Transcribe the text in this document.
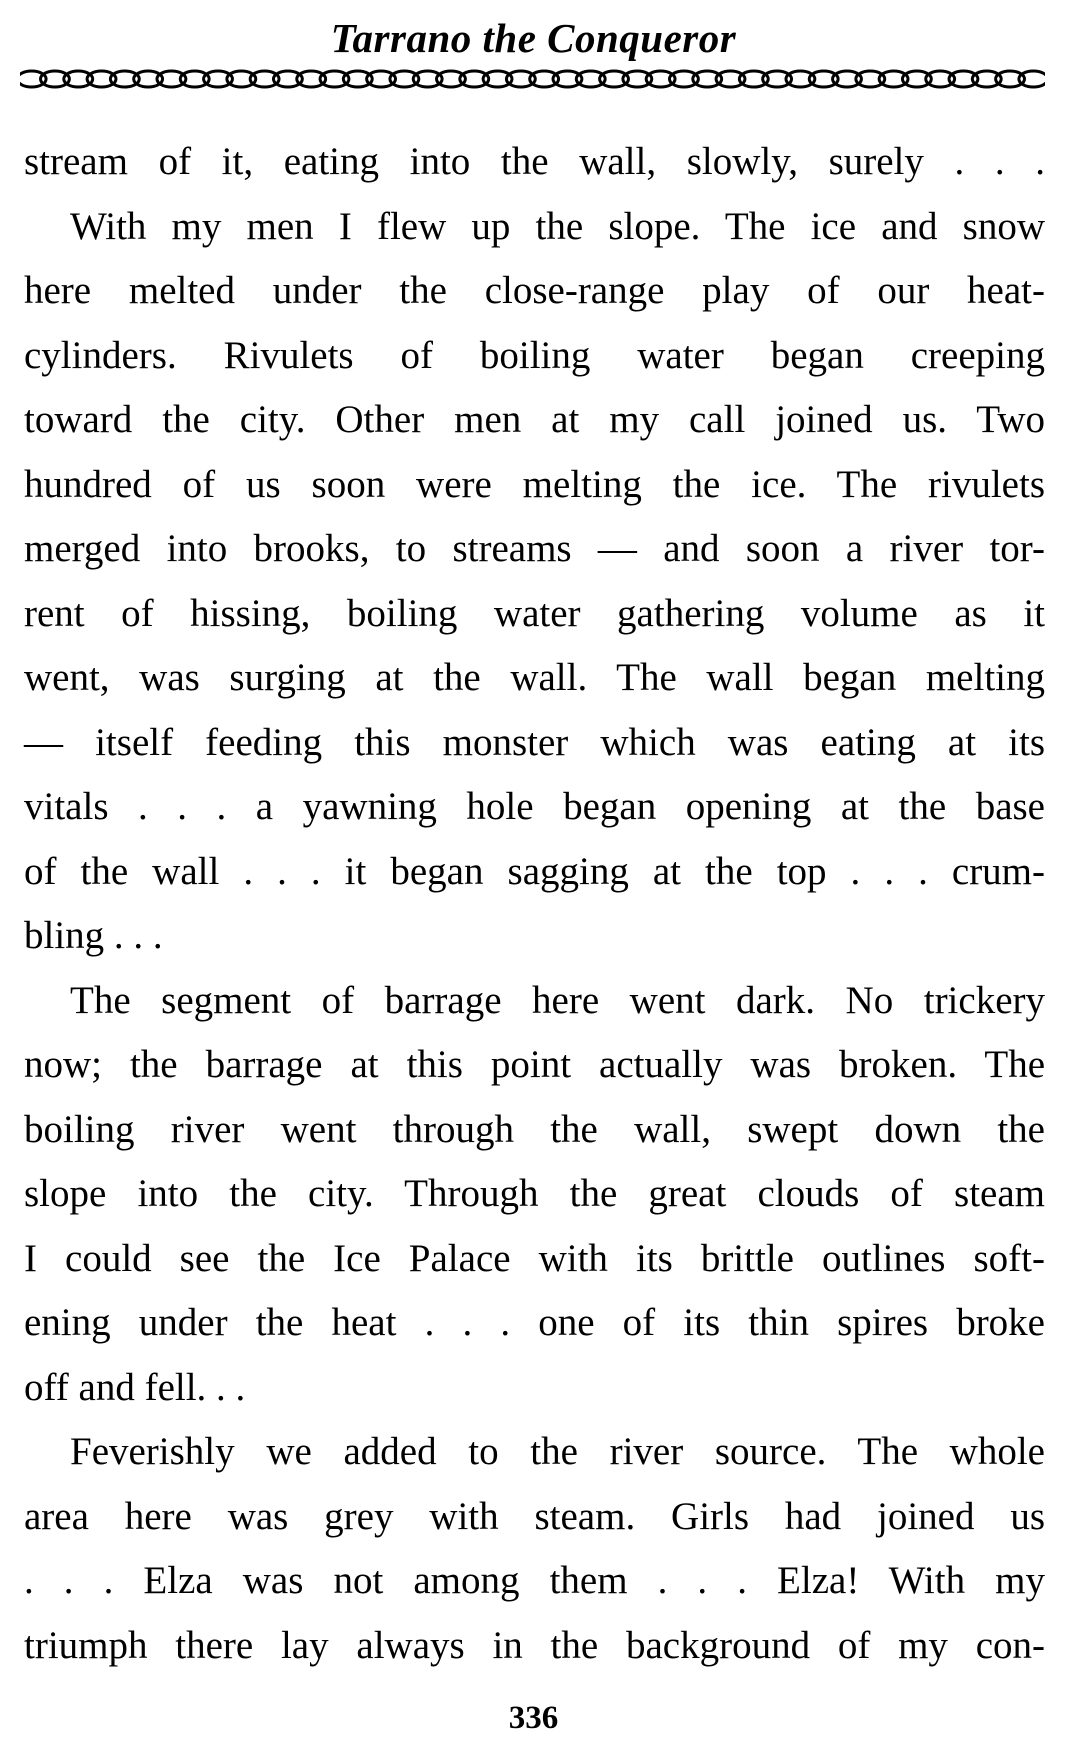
Tarrano the Conqueror
stream of it, eating into the wall, slowly, surely . . .
With my men I flew up the slope. The ice and snow
here melted under the close-range play of our heat-
cylinders. Rivulets of boiling water began creeping
toward the city. Other men at my call joined us. Two
hundred of us soon were melting the ice. The rivulets
merged into brooks, to streams — and soon a river tor-
rent of hissing, boiling water gathering volume as it
went, was surging at the wall. The wall began melting
— itself feeding this monster which was eating at its
vitals . . . a yawning hole began opening at the base
of the wall . . . it began sagging at the top . . . crum-
bling . . .
The segment of barrage here went dark. No trickery
now; the barrage at this point actually was broken. The
boiling river went through the wall, swept down the
slope into the city. Through the great clouds of steam
I could see the Ice Palace with its brittle outlines soft-
ening under the heat . . . one of its thin spires broke
off and fell. . .
Feverishly we added to the river source. The whole
area here was grey with steam. Girls had joined us
. . . Elza was not among them . . . Elza! With my
triumph there lay always in the background of my con-
336
